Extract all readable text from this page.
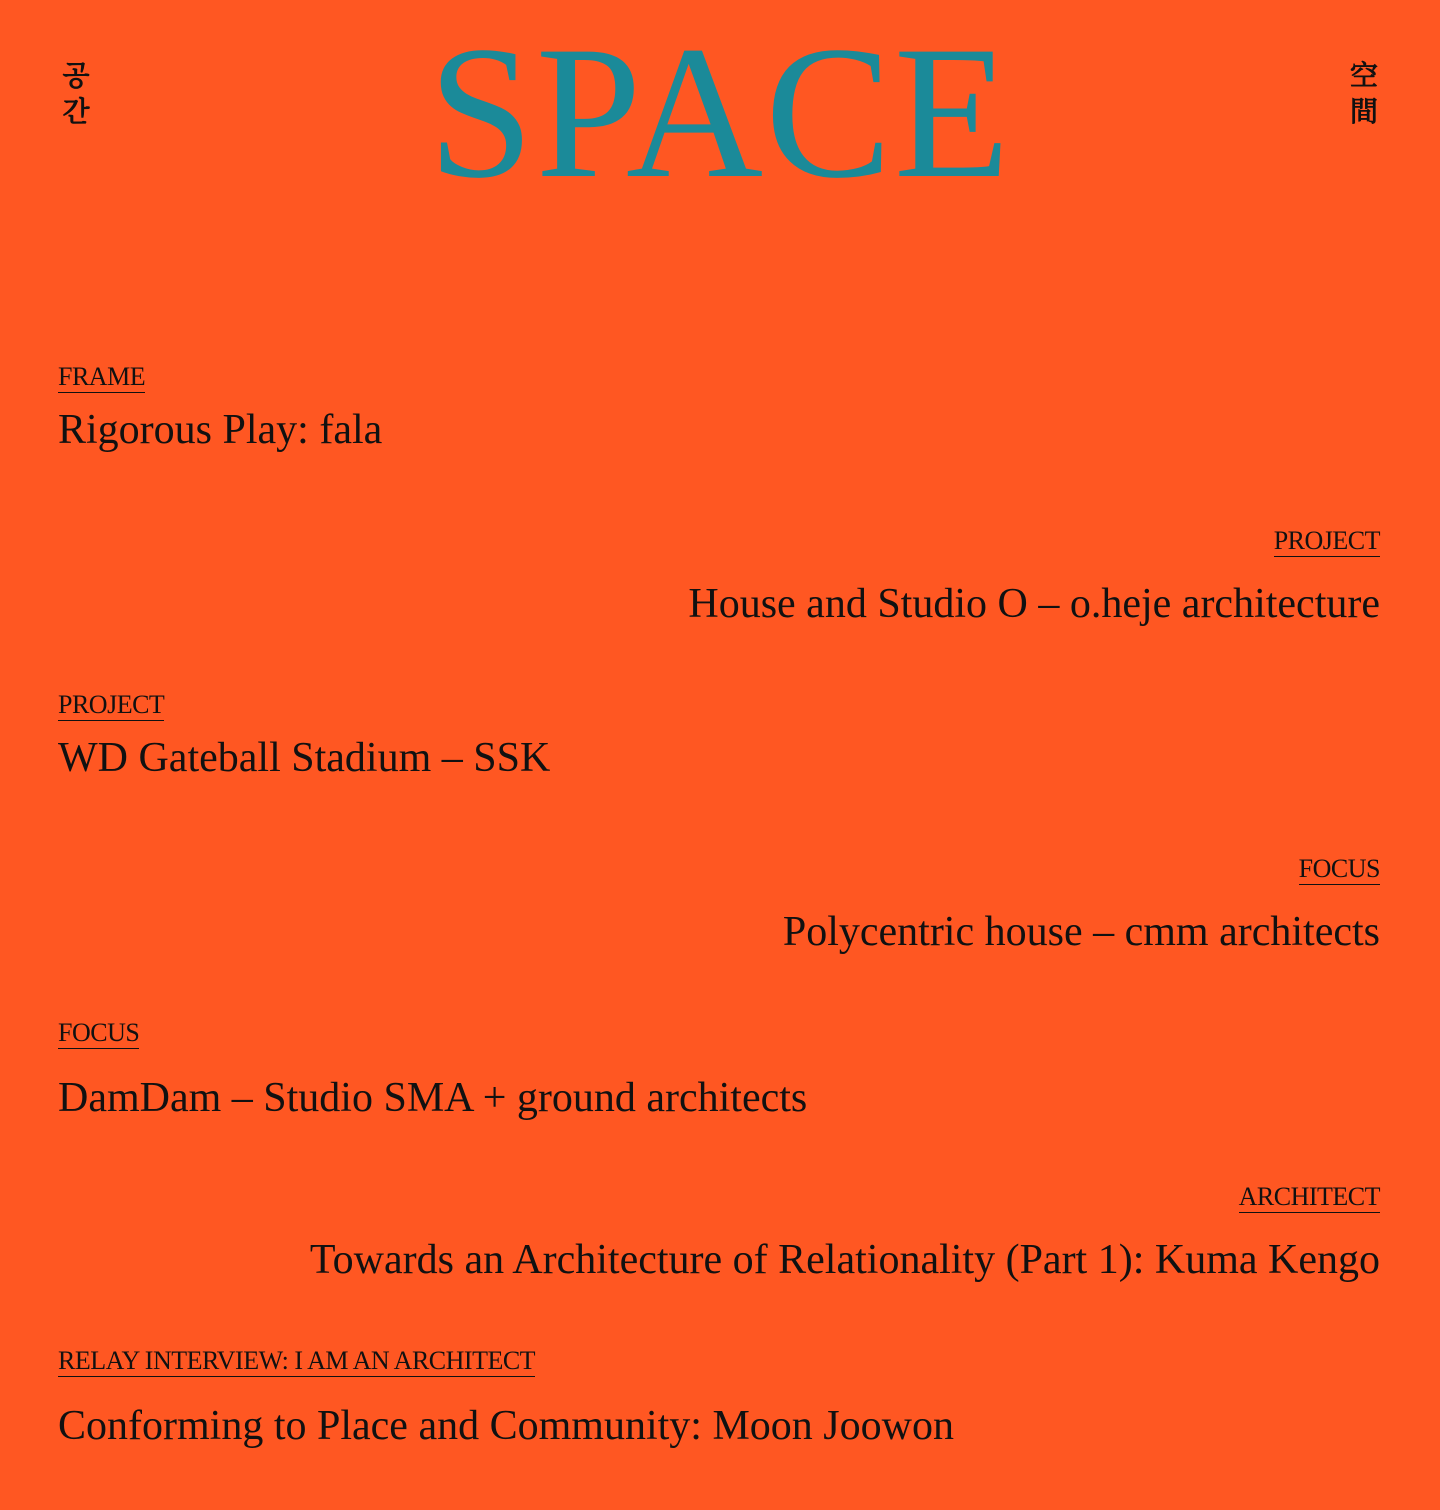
공
간	SPACE	空
間
FRAME
Rigorous Play: fala
PROJECT
House and Studio O – o.heje architecture
PROJECT
WD Gateball Stadium – SSK
FOCUS
Polycentric house – cmm architects
FOCUS
DamDam – Studio SMA + ground architects
ARCHITECT
Towards an Architecture of Relationality (Part 1): Kuma Kengo
RELAY INTERVIEW: I AM AN ARCHITECT
Conforming to Place and Community: Moon Joowon
